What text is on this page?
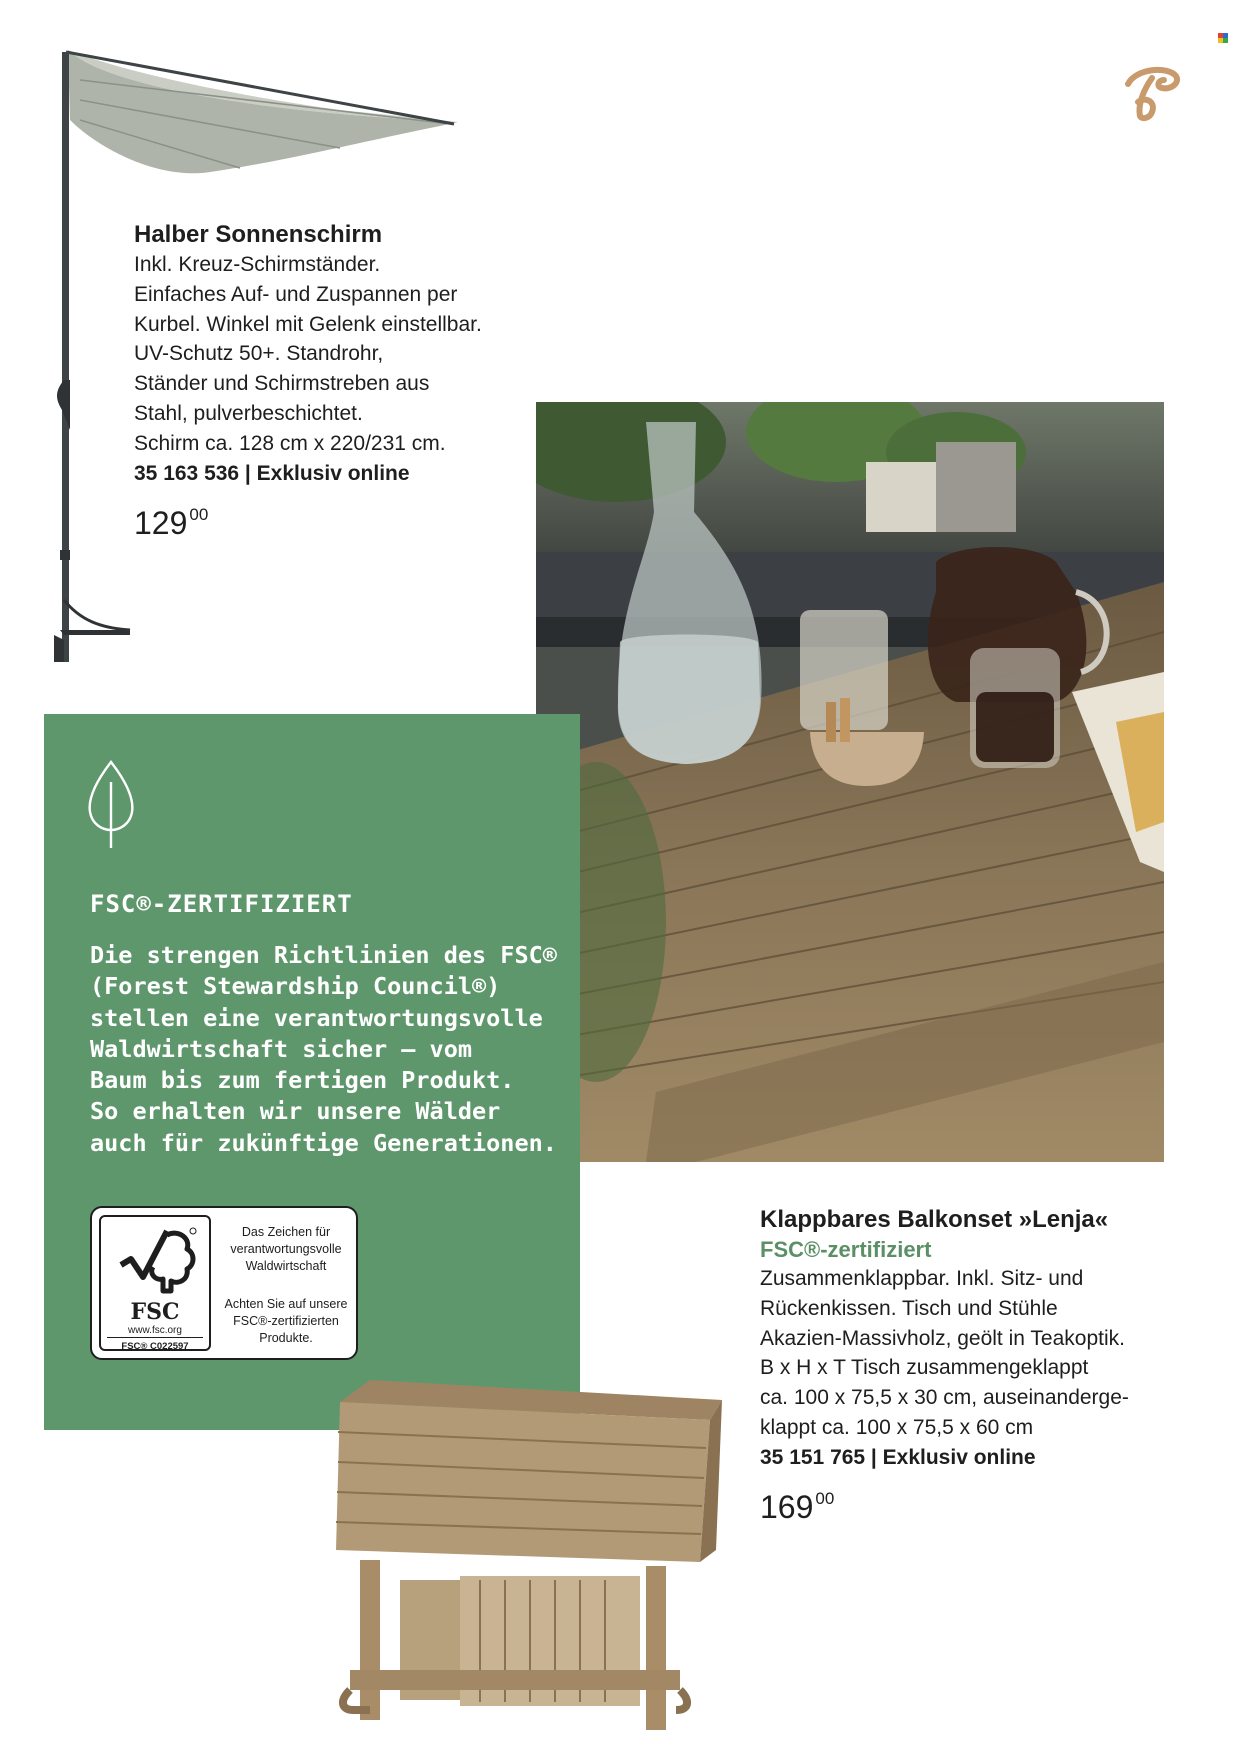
Halber Sonnenschirm
Inkl. Kreuz-Schirmständer.
Einfaches Auf- und Zuspannen per
Kurbel. Winkel mit Gelenk einstellbar.
UV-Schutz 50+. Standrohr,
Ständer und Schirmstreben aus
Stahl, pulverbeschichtet.
Schirm ca. 128 cm x 220/231 cm.
35 163 536 | Exklusiv online
129 $^{00}$
FSC®-ZERTIFIZIERT
Die strengen Richtlinien des FSC®
(Forest Stewardship Council®)
stellen eine verantwortungsvolle
Waldwirtschaft sicher – vom
Baum bis zum fertigen Produkt.
So erhalten wir unsere Wälder
auch für zukünftige Generationen.
FSC
www.fsc.org
FSC® C022597
Das Zeichen für verantwortungsvolle Waldwirtschaft
Achten Sie auf unsere FSC®-zertifizierten Produkte.
Klappbares Balkonset »Lenja«
FSC®-zertifiziert
Zusammenklappbar. Inkl. Sitz- und
Rückenkissen. Tisch und Stühle
Akazien-Massivholz, geölt in Teakoptik.
B x H x T Tisch zusammengeklappt
ca. 100 x 75,5 x 30 cm, auseinanderge-
klappt ca. 100 x 75,5 x 60 cm
35 151 765 | Exklusiv online
169 $^{00}$
